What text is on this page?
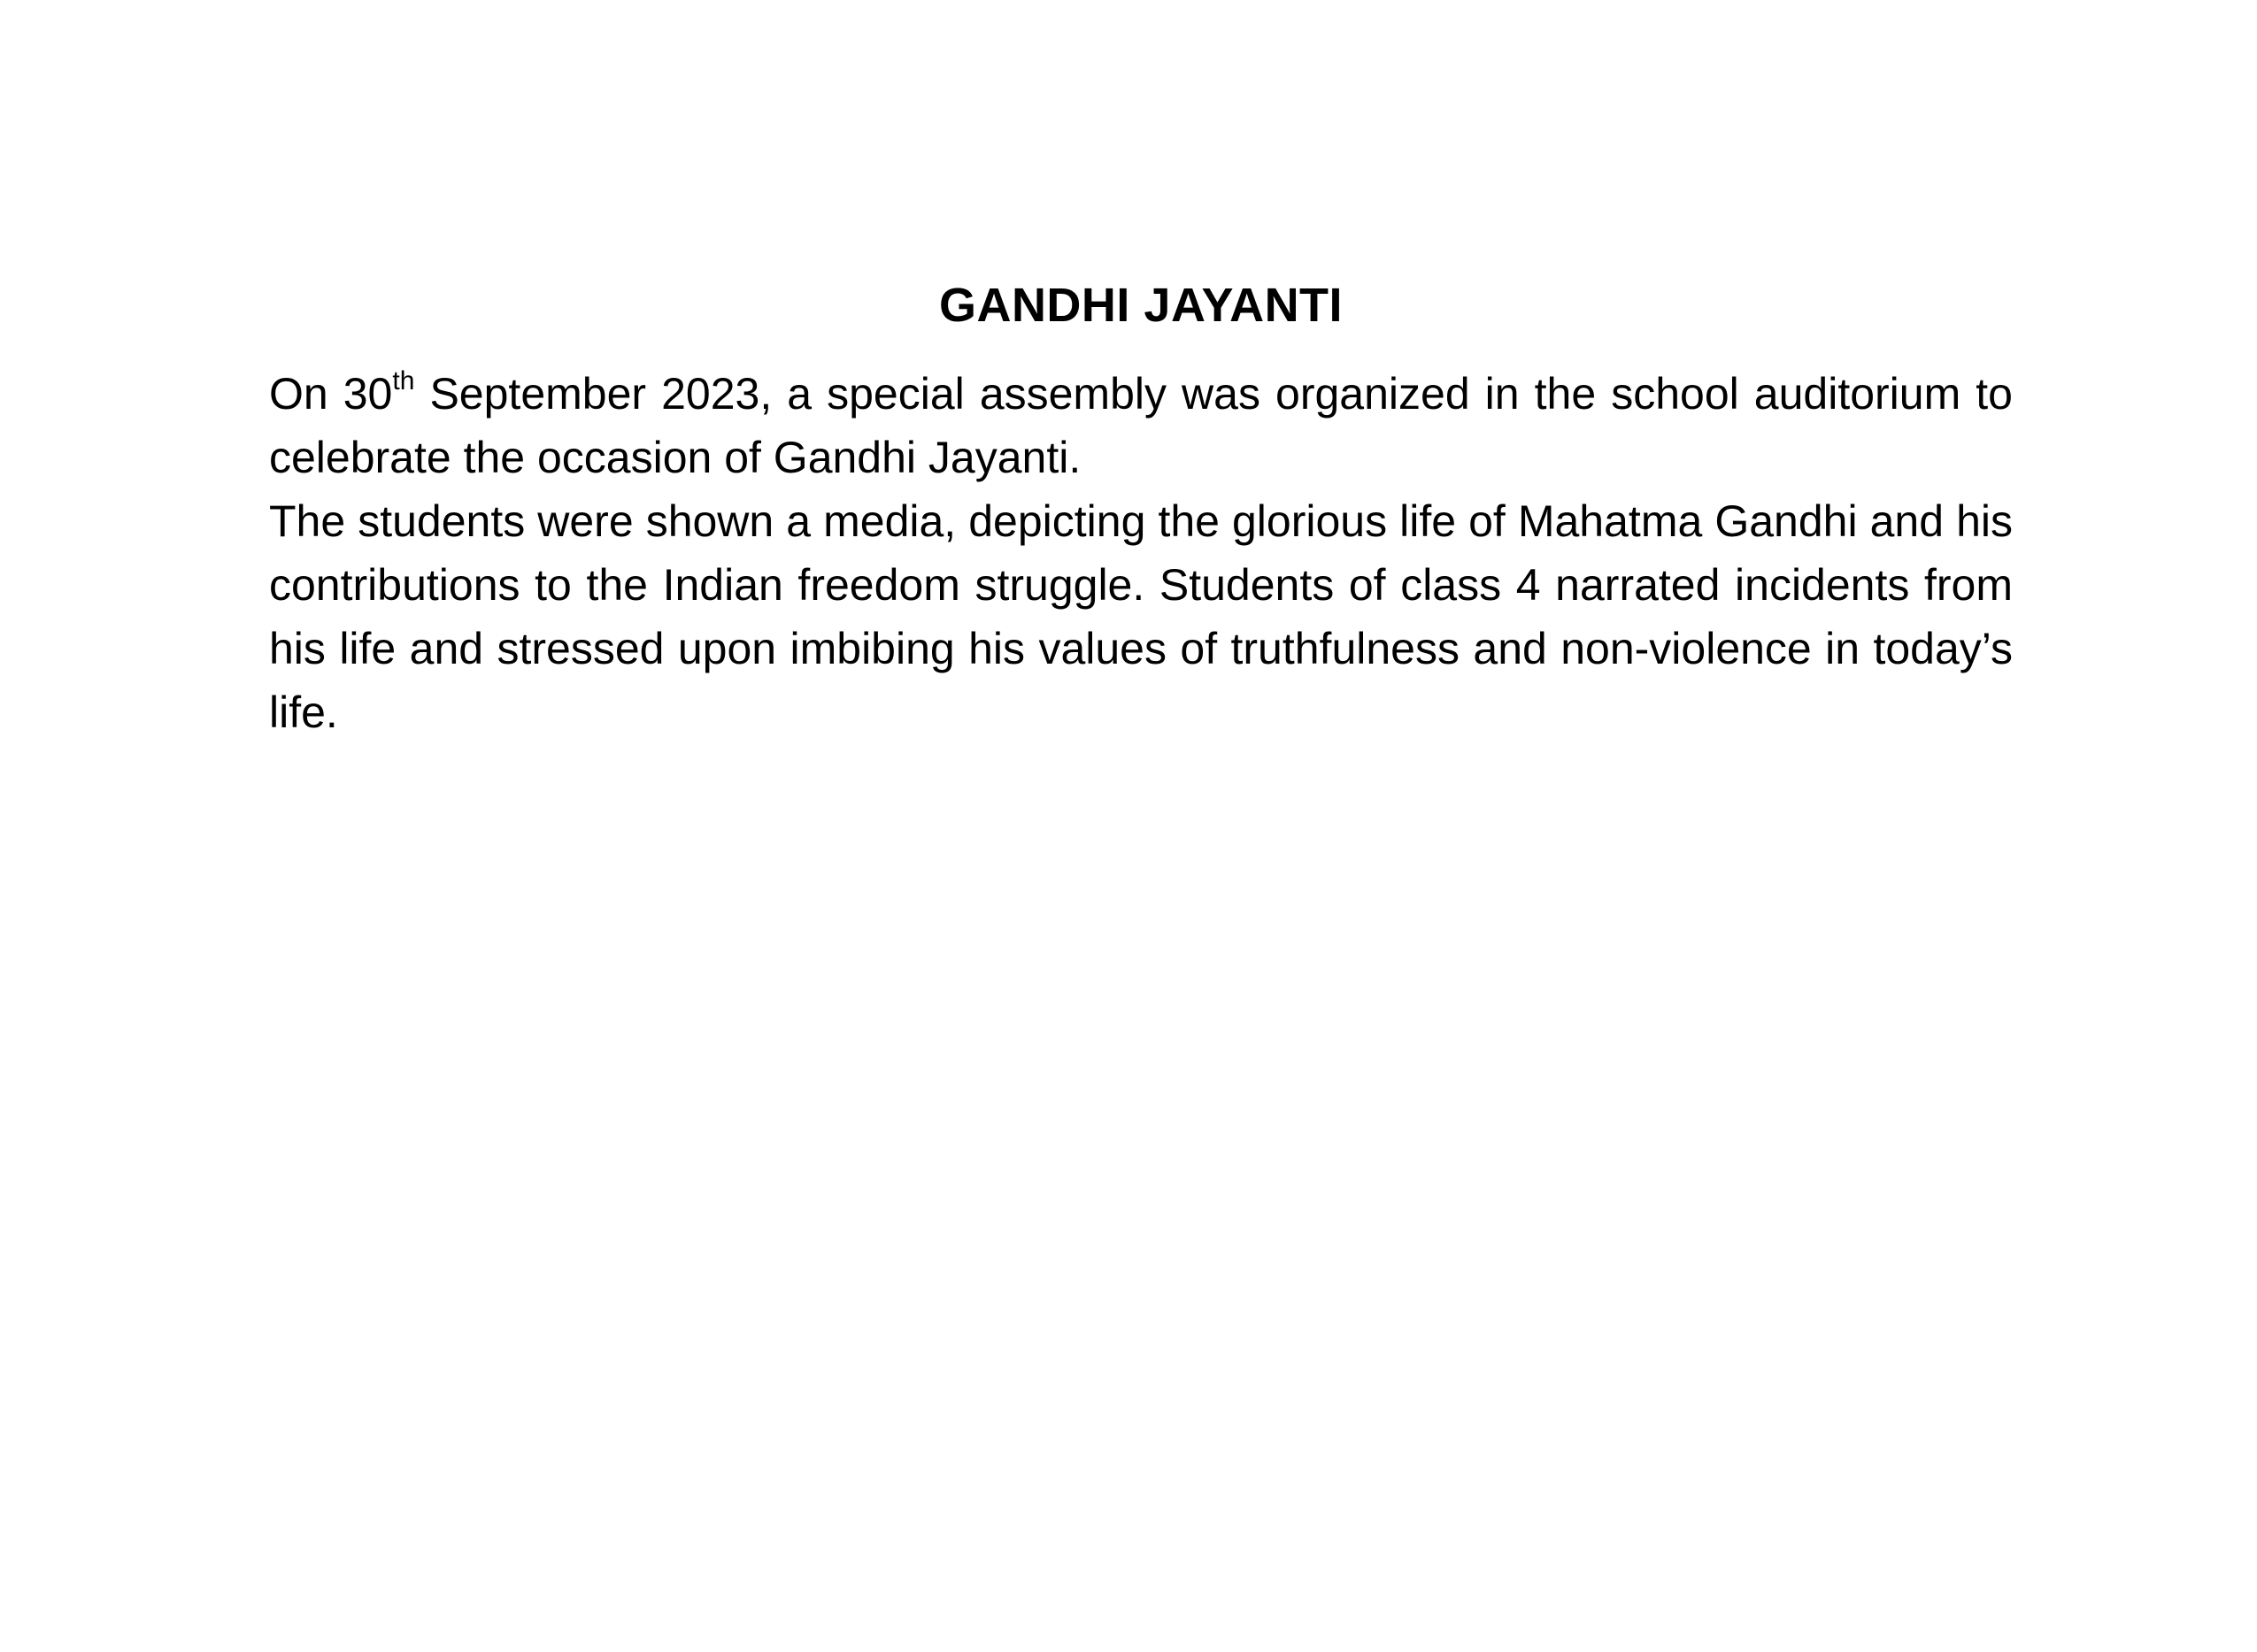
GANDHI JAYANTI

On 30th September 2023, a special assembly was organized in the school auditorium to celebrate the occasion of Gandhi Jayanti.

The students were shown a media, depicting the glorious life of Mahatma Gandhi and his contributions to the Indian freedom struggle. Students of class 4 narrated incidents from his life and stressed upon imbibing his values of truthfulness and non-violence in today’s life.
